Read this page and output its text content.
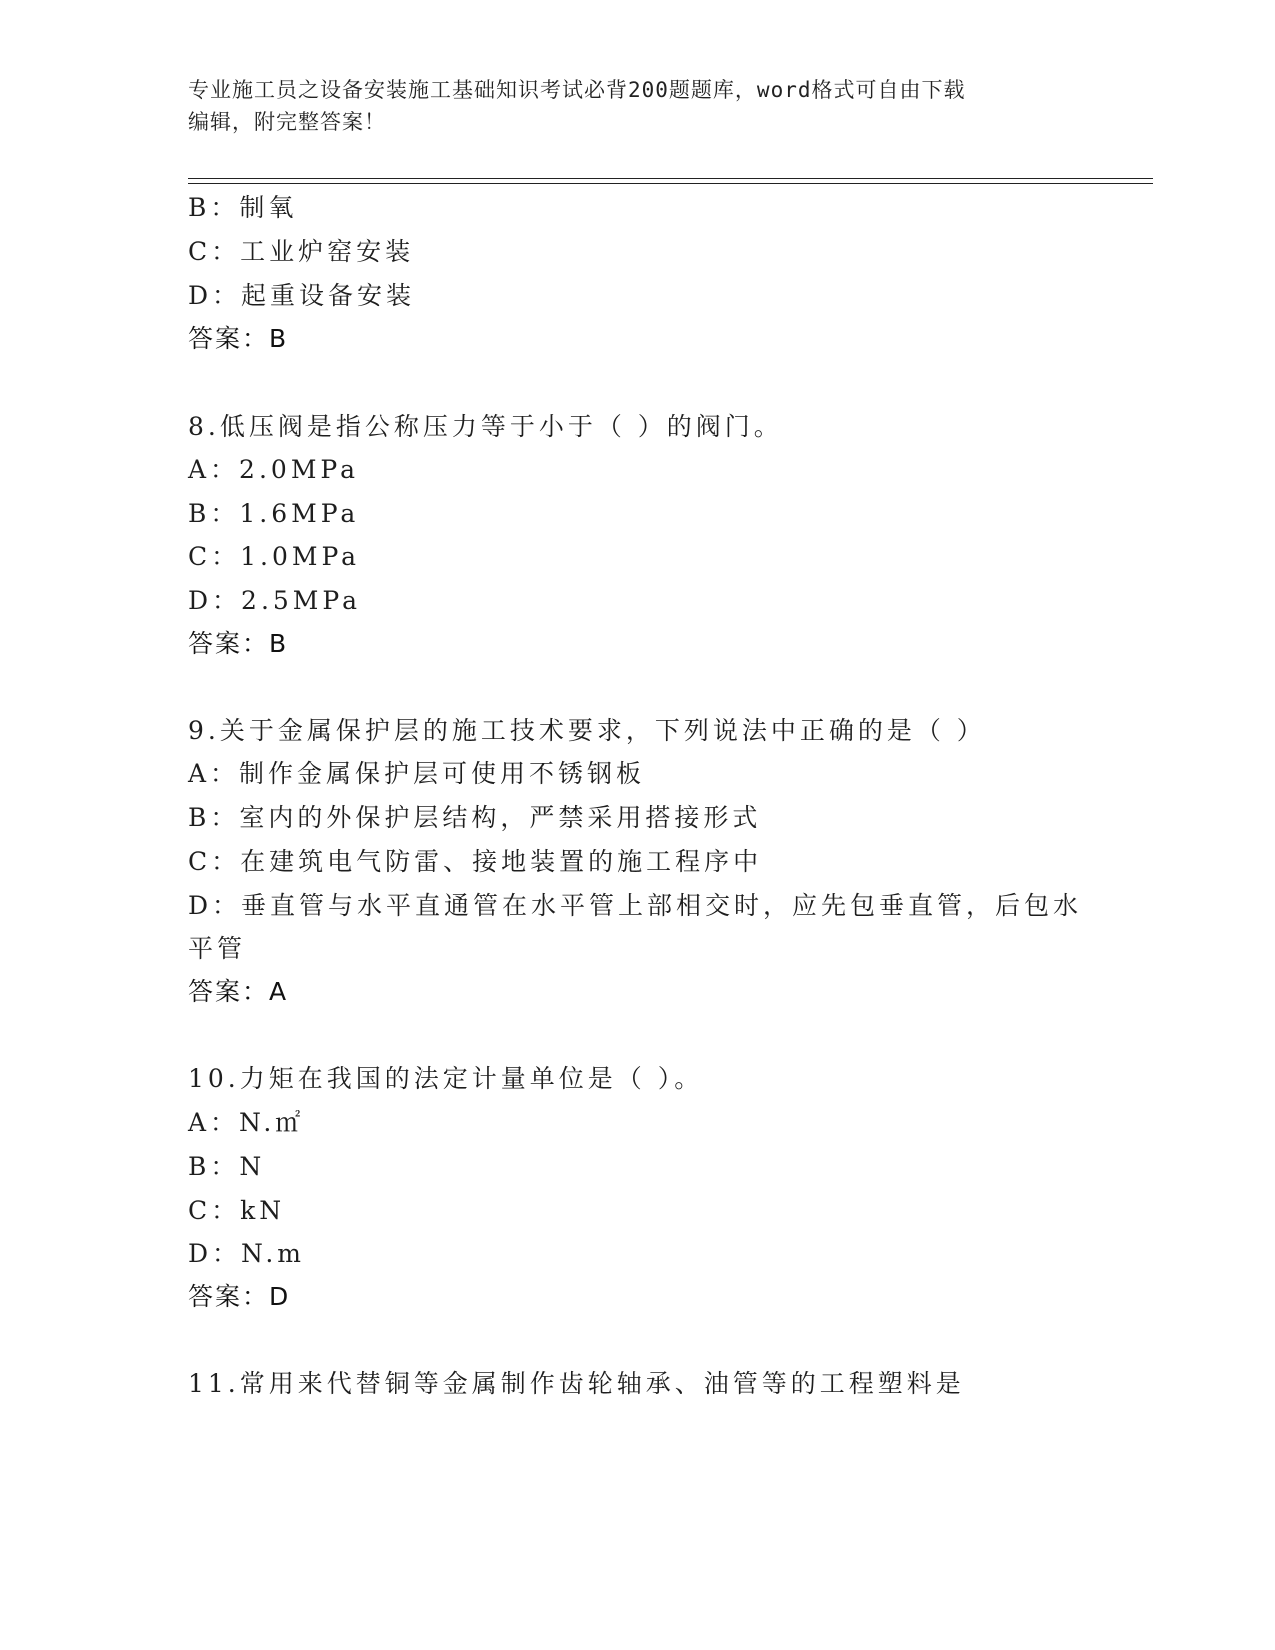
专业施工员之设备安装施工基础知识考试必背200题题库，word格式可自由下载
编辑，附完整答案！
B：制氧
C：工业炉窑安装
D：起重设备安装
答案：B
8.低压阀是指公称压力等于小于（ ）的阀门。
A：2.0MPa
B：1.6MPa
C：1.0MPa
D：2.5MPa
答案：B
9.关于金属保护层的施工技术要求，下列说法中正确的是（ ）
A：制作金属保护层可使用不锈钢板
B：室内的外保护层结构，严禁采用搭接形式
C：在建筑电气防雷、接地装置的施工程序中
D：垂直管与水平直通管在水平管上部相交时，应先包垂直管，后包水
平管
答案：A
10.力矩在我国的法定计量单位是（ ）。
A：N.㎡
B：N
C：kN
D：N.m
答案：D
11.常用来代替铜等金属制作齿轮轴承、油管等的工程塑料是
